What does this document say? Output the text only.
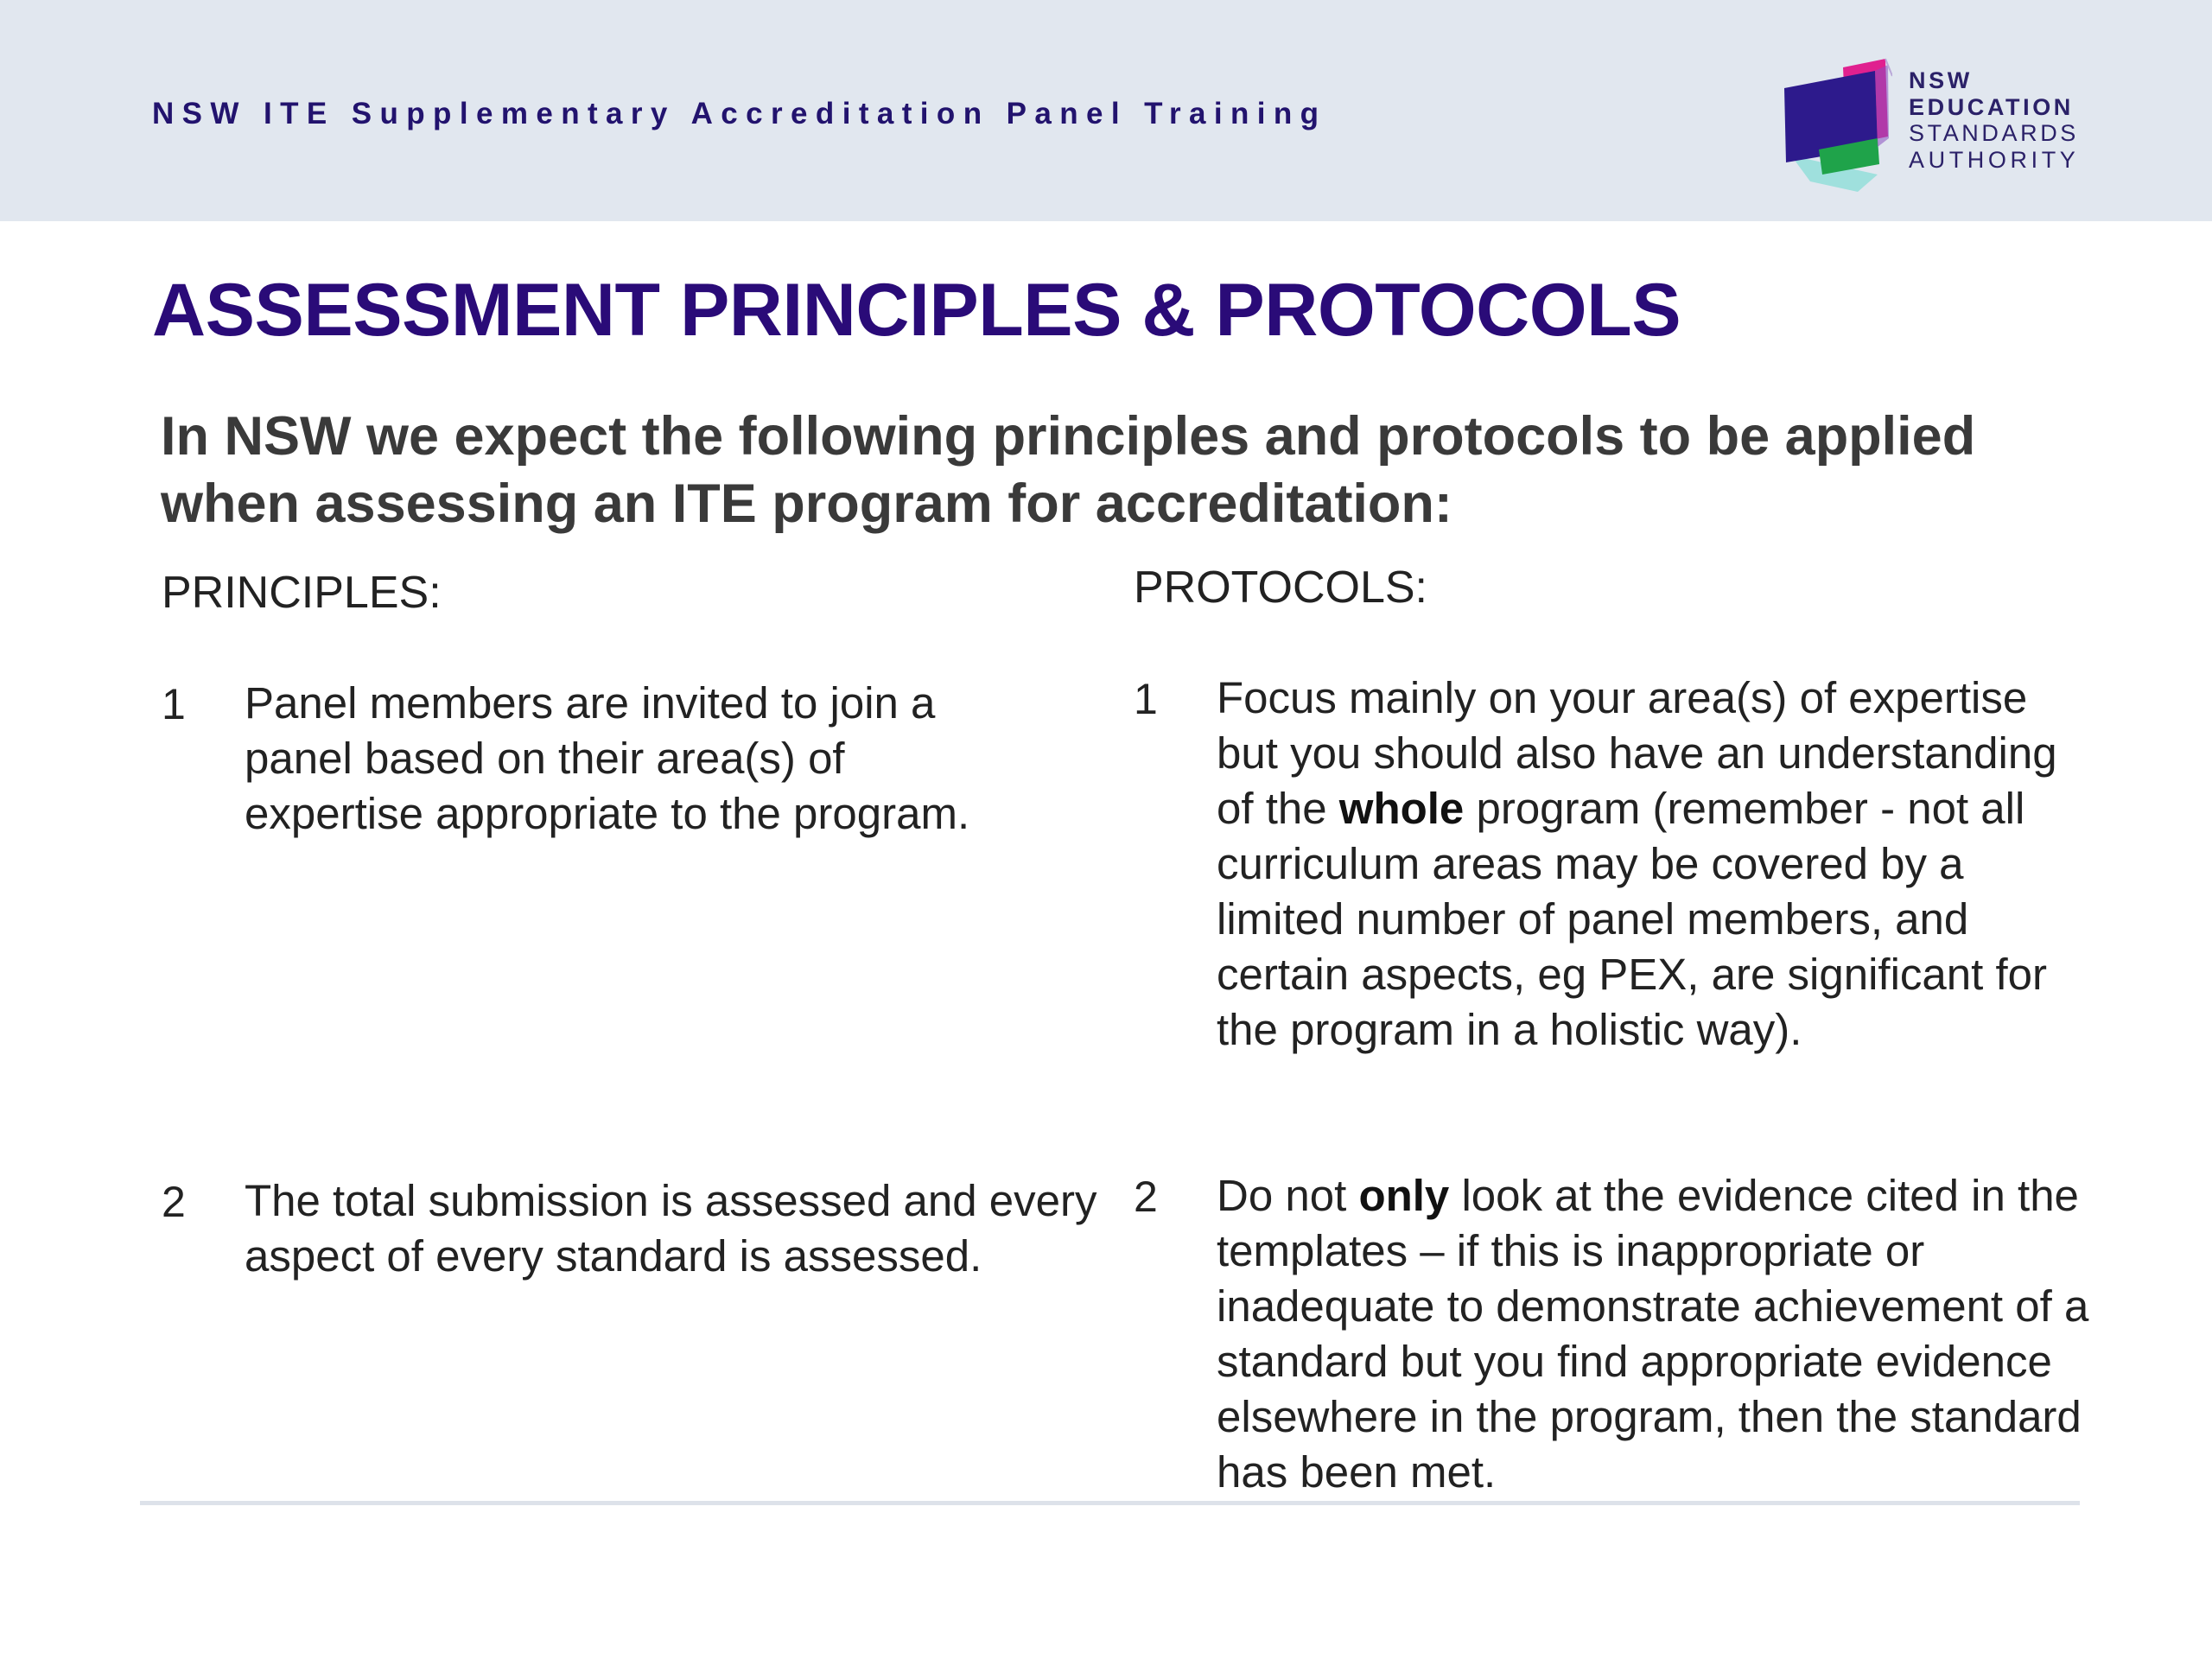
NSW ITE Supplementary Accreditation Panel Training
NSW
EDUCATION
STANDARDS
AUTHORITY
ASSESSMENT PRINCIPLES & PROTOCOLS
In NSW we expect the following principles and protocols to be applied when assessing an ITE program for accreditation:
PRINCIPLES:	PROTOCOLS:
1 Panel members are invited to join a panel based on their area(s) of expertise appropriate to the program.
2 The total submission is assessed and every aspect of every standard is assessed.
1 Focus mainly on your area(s) of expertise but you should also have an understanding of the whole program (remember - not all curriculum areas may be covered by a limited number of panel members, and certain aspects, eg PEX, are significant for the program in a holistic way).
2 Do not only look at the evidence cited in the templates – if this is inappropriate or inadequate to demonstrate achievement of a standard but you find appropriate evidence elsewhere in the program, then the standard has been met.
